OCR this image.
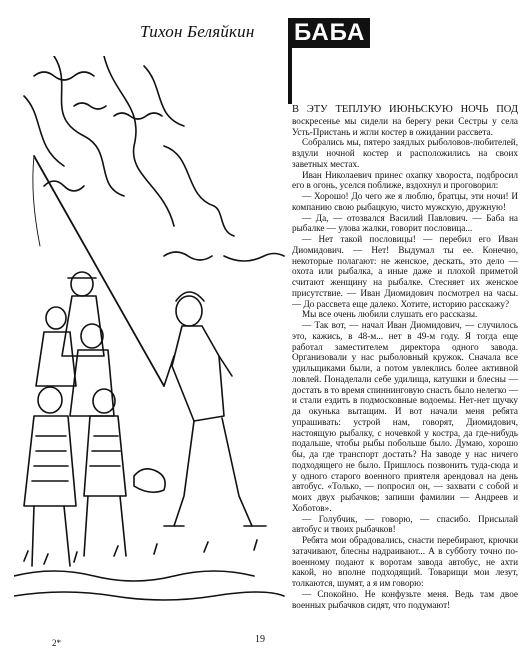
Тихон Беляйкин	БАБА

В ЭТУ ТЕПЛУЮ ИЮНЬСКУЮ НОЧЬ ПОД воскресенье мы сидели на берегу реки Сестры у села Усть-Пристань и жгли костер в ожидании рассвета.

Собрались мы, пятеро заядлых рыболовов-любителей, вздули ночной костер и расположились на своих заветных местах.

Иван Николаевич принес охапку хвороста, подбросил его в огонь, уселся поближе, вздохнул и проговорил:

— Хорошо! До чего же я люблю, братцы, эти ночи! И компанию свою рыбацкую, чисто мужскую, дружную!

— Да, — отозвался Василий Павлович. — Баба на рыбалке — улова жалки, говорит пословица...

— Нет такой пословицы! — перебил его Иван Диомидович. — Нет! Выдумал ты ее. Конечно, некоторые полагают: не женское, дескать, это дело — охота или рыбалка, а иные даже и плохой приметой считают женщину на рыбалке. Стесняет их женское присутствие. — Иван Диомидович посмотрел на часы. — До рассвета еще далеко. Хотите, историю расскажу?

Мы все очень любили слушать его рассказы.

— Так вот, — начал Иван Диомидович, — случилось это, кажись, в 48-м... нет в 49-м году. Я тогда еще работал заместителем директора одного завода. Организовали у нас рыболовный кружок. Сначала все удильщиками были, а потом увлеклись более активной ловлей. Понаделали себе удилища, катушки и блесны — достать в то время спиннинговую снасть было нелегко — и стали ездить в подмосковные водоемы. Нет-нет щучку да окунька вытащим. И вот начали меня ребята упрашивать: устрой нам, говорят, Диомидович, настоящую рыбалку, с ночевкой у костра, да где-нибудь подальше, чтобы рыбы побольше было. Думаю, хорошо бы, да где транспорт достать? На заводе у нас ничего подходящего не было. Пришлось позвонить туда-сюда и у одного старого военного приятеля арендовал на день автобус. «Только, — попросил он, — захвати с собой и моих двух рыбачков; запиши фамилии — Андреев и Хоботов».

— Голубчик, — говорю, — спасибо. Присылай автобус и твоих рыбачков!

Ребята мои обрадовались, снасти перебирают, крючки затачивают, блесны надраивают... А в субботу точно по-военному подают к воротам завода автобус, не ахти какой, но вполне подходящий. Товарищи мои лезут, толкаются, шумят, а я им говорю:

— Спокойно. Не конфузьте меня. Ведь там двое военных рыбачков сидят, что подумают!

2*	19
